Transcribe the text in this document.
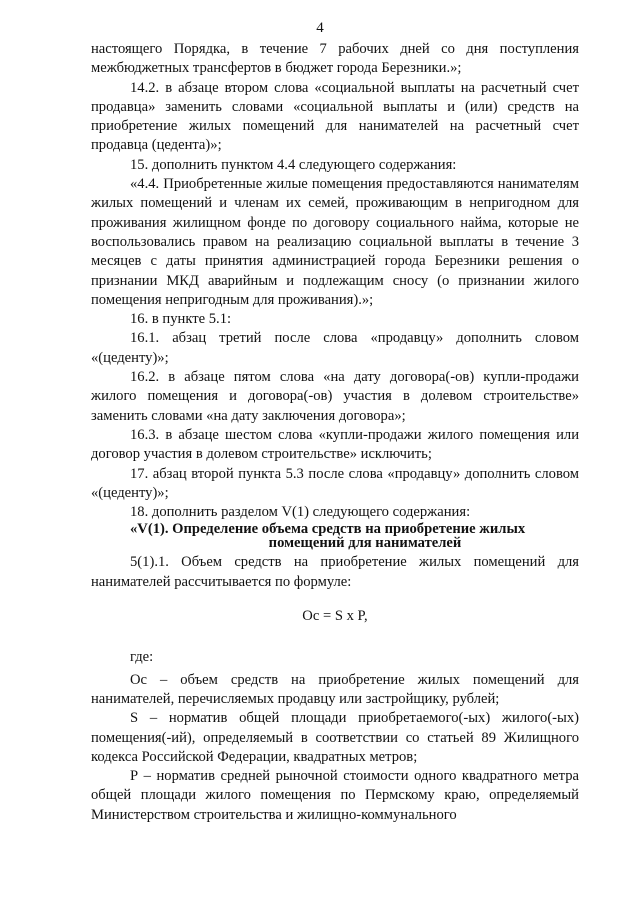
4

настоящего Порядка, в течение 7 рабочих дней со дня поступления межбюджетных трансфертов в бюджет города Березники.»;

14.2. в абзаце втором слова «социальной выплаты на расчетный счет продавца» заменить словами «социальной выплаты и (или) средств на приобретение жилых помещений для нанимателей на расчетный счет продавца (цедента)»;

15. дополнить пунктом 4.4 следующего содержания:

«4.4. Приобретенные жилые помещения предоставляются нанимателям жилых помещений и членам их семей, проживающим в непригодном для проживания жилищном фонде по договору социального найма, которые не воспользовались правом на реализацию социальной выплаты в течение 3 месяцев с даты принятия администрацией города Березники решения о признании МКД аварийным и подлежащим сносу (о признании жилого помещения непригодным для проживания).»;

16. в пункте 5.1:

16.1. абзац третий после слова «продавцу» дополнить словом «(цеденту)»;

16.2. в абзаце пятом слова «на дату договора(-ов) купли-продажи жилого помещения и договора(-ов) участия в долевом строительстве» заменить словами «на дату заключения договора»;

16.3. в абзаце шестом слова «купли-продажи жилого помещения или договор участия в долевом строительстве» исключить;

17. абзац второй пункта 5.3 после слова «продавцу» дополнить словом «(цеденту)»;

18. дополнить разделом V(1) следующего содержания:

«V(1). Определение объема средств на приобретение жилых
помещений для нанимателей

5(1).1. Объем средств на приобретение жилых помещений для нанимателей рассчитывается по формуле:

Ос = S x P,

где:

Ос – объем средств на приобретение жилых помещений для нанимателей, перечисляемых продавцу или застройщику, рублей;

S – норматив общей площади приобретаемого(-ых) жилого(-ых) помещения(-ий), определяемый в соответствии со статьей 89 Жилищного кодекса Российской Федерации, квадратных метров;

Р – норматив средней рыночной стоимости одного квадратного метра общей площади жилого помещения по Пермскому краю, определяемый Министерством строительства и жилищно-коммунального
